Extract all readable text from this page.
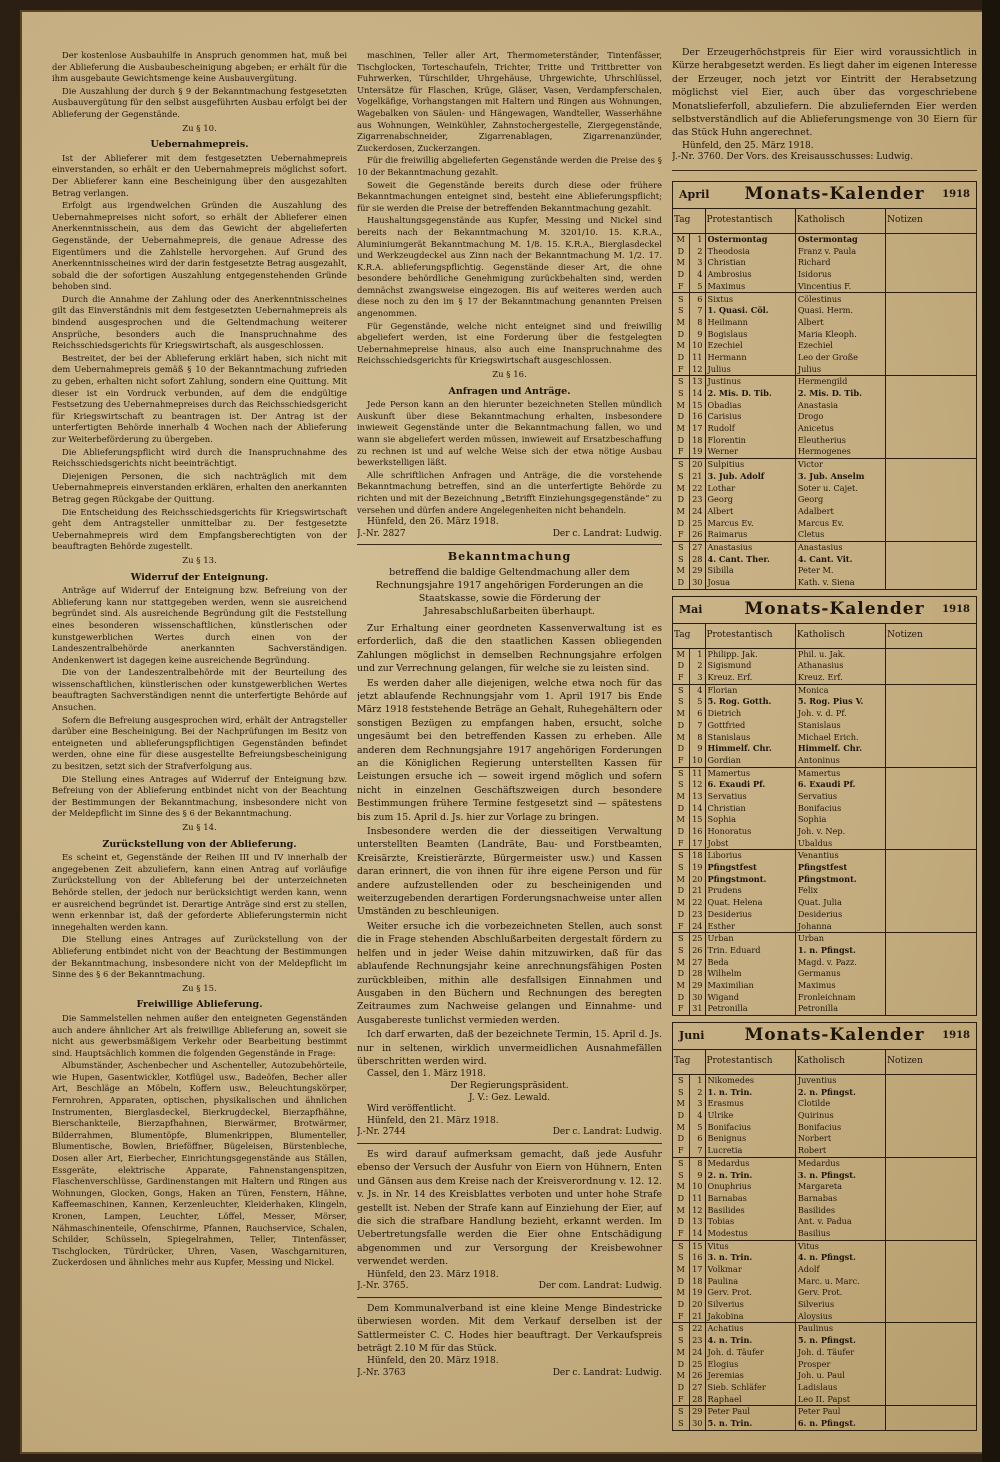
Der kostenlose Ausbauhilfe in Anspruch genommen hat, muß bei der Ablieferung die Ausbaubescheinigung abgeben; er erhält für die ihm ausgebaute Gewichtsmenge keine Ausbauvergütung.

Die Auszahlung der durch § 9 der Bekanntmachung festgesetzten Ausbauvergütung für den selbst ausgeführten Ausbau erfolgt bei der Ablieferung der Gegenstände.

Zu § 10.
Uebernahmepreis.

Ist der Ablieferer mit dem festgesetzten Uebernahmepreis einverstanden, so erhält er den Uebernahmepreis möglichst sofort. Der Ablieferer kann eine Bescheinigung über den ausgezahlten Betrag verlangen.

Erfolgt aus irgendwelchen Gründen die Auszahlung des Uebernahmepreises nicht sofort, so erhält der Ablieferer einen Anerkenntnisschein, aus dem das Gewicht der abgelieferten Gegenstände, der Uebernahmepreis, die genaue Adresse des Eigentümers und die Zahlstelle hervorgehen. Auf Grund des Anerkenntnisscheines wird der darin festgesetzte Betrag ausgezahlt, sobald die der sofortigen Auszahlung entgegenstehenden Gründe behoben sind.

Durch die Annahme der Zahlung oder des Anerkenntnisscheines gilt das Einverständnis mit dem festgesetzten Uebernahmepreis als bindend ausgesprochen und die Geltendmachung weiterer Ansprüche, besonders auch die Inanspruchnahme des Reichsschiedsgerichts für Kriegswirtschaft, als ausgeschlossen.

Bestreitet, der bei der Ablieferung erklärt haben, sich nicht mit dem Uebernahmepreis gemäß § 10 der Bekanntmachung zufrieden zu geben, erhalten nicht sofort Zahlung, sondern eine Quittung. Mit dieser ist ein Vordruck verbunden, auf dem die endgültige Festsetzung des Uebernahmepreises durch das Reichsschiedsgericht für Kriegswirtschaft zu beantragen ist. Der Antrag ist der unterfertigten Behörde innerhalb 4 Wochen nach der Ablieferung zur Weiterbeförderung zu übergeben.

Die Ablieferungspflicht wird durch die Inanspruchnahme des Reichsschiedsgerichts nicht beeinträchtigt.

Diejenigen Personen, die sich nachträglich mit dem Uebernahmepreis einverstanden erklären, erhalten den anerkannten Betrag gegen Rückgabe der Quittung.

Die Entscheidung des Reichsschiedsgerichts für Kriegswirtschaft geht dem Antragsteller unmittelbar zu. Der festgesetzte Uebernahmepreis wird dem Empfangsberechtigten von der beauftragten Behörde zugestellt.

Zu § 13.
Widerruf der Enteignung.

Anträge auf Widerruf der Enteignung bzw. Befreiung von der Ablieferung kann nur stattgegeben werden, wenn sie ausreichend begründet sind. Als ausreichende Begründung gilt die Feststellung eines besonderen wissenschaftlichen, künstlerischen oder kunstgewerblichen Wertes durch einen von der Landeszentralbehörde anerkannten Sachverständigen. Andenkenwert ist dagegen keine ausreichende Begründung.

Die von der Landeszentralbehörde mit der Beurteilung des wissenschaftlichen, künstlerischen oder kunstgewerblichen Wertes beauftragten Sachverständigen nennt die unterfertigte Behörde auf Ansuchen.

Sofern die Befreiung ausgesprochen wird, erhält der Antragsteller darüber eine Bescheinigung. Bei der Nachprüfungen im Besitz von enteigneten und ablieferungspflichtigen Gegenständen befindet werden, ohne eine für diese ausgestellte Befreiungsbescheinigung zu besitzen, setzt sich der Strafverfolgung aus.

Die Stellung eines Antrages auf Widerruf der Enteignung bzw. Befreiung von der Ablieferung entbindet nicht von der Beachtung der Bestimmungen der Bekanntmachung, insbesondere nicht von der Meldepflicht im Sinne des § 6 der Bekanntmachung.

Zu § 14.
Zurückstellung von der Ablieferung.

Es scheint et, Gegenstände der Reihen III und IV innerhalb der angegebenen Zeit abzuliefern, kann einen Antrag auf vorläufige Zurückstellung von der Ablieferung bei der unterzeichneten Behörde stellen, der jedoch nur berücksichtigt werden kann, wenn er ausreichend begründet ist. Derartige Anträge sind erst zu stellen, wenn erkennbar ist, daß der geforderte Ablieferungstermin nicht innegehalten werden kann.

Die Stellung eines Antrages auf Zurückstellung von der Ablieferung entbindet nicht von der Beachtung der Bestimmungen der Bekanntmachung, insbesondere nicht von der Meldepflicht im Sinne des § 6 der Bekanntmachung.

Zu § 15.
Freiwillige Ablieferung.

Die Sammelstellen nehmen außer den enteigneten Gegenständen auch andere ähnlicher Art als freiwillige Ablieferung an, soweit sie nicht aus gewerbsmäßigem Verkehr oder Bearbeitung bestimmt sind. Hauptsächlich kommen die folgenden Gegenstände in Frage:

Albumständer, Aschenbecher und Aschenteller, Autozubehörteile, wie Hupen, Gasentwickler, Kotflügel usw., Badeöfen, Becher aller Art, Beschläge an Möbeln, Koffern usw., Beleuchtungskörper, Fernrohren, Apparaten, optischen, physikalischen und ähnlichen Instrumenten, Bierglasdeckel, Bierkrugdeckel, Bierzapfhähne, Bierschankteile, Bierzapfhahnen, Bierwärmer, Brotwärmer, Bilderrahmen, Blumentöpfe, Blumenkrippen, Blumenteller, Blumentische, Bowlen, Brieföffner, Bügeleisen, Bürstenbleche, Dosen aller Art, Eierbecher, Einrichtungsgegenstände aus Ställen, Essgeräte, elektrische Apparate, Fahnenstangenspitzen, Flaschenverschlüsse, Gardinenstangen mit Haltern und Ringen aus Wohnungen, Glocken, Gongs, Haken an Türen, Fenstern, Hähne, Kaffeemaschinen, Kannen, Kerzenleuchter, Kleiderhaken, Klingeln, Kronen, Lampen, Leuchter, Löffel, Messer, Mörser, Nähmaschinenteile, Ofenschirme, Pfannen, Rauchservice, Schalen, Schilder, Schüsseln, Spiegelrahmen, Teller, Tintenfässer, Tischglocken, Türdrücker, Uhren, Vasen, Waschgarnituren, Zuckerdosen und ähnliches mehr aus Kupfer, Messing und Nickel.

maschinen, Teller aller Art, Thermometerständer, Tintenfässer, Tischglocken, Torteschaufeln, Trichter, Tritte und Trittbretter von Fuhrwerken, Türschilder, Uhrgehäuse, Uhrgewichte, Uhrschlüssel, Untersätze für Flaschen, Krüge, Gläser, Vasen, Verdampferschalen, Vogelkäfige, Vorhangstangen mit Haltern und Ringen aus Wohnungen, Wagebalken von Säulen- und Hängewagen, Wandteller, Wasserhähne aus Wohnungen, Weinkühler, Zahnstochergestelle, Ziergegenstände, Zigarrenabschneider, Zigarrenablagen, Zigarrenanzünder, Zuckerdosen, Zuckerzangen.

Für die freiwillig abgelieferten Gegenstände werden die Preise des § 10 der Bekanntmachung gezahlt.

Soweit die Gegenstände bereits durch diese oder frühere Bekanntmachungen enteignet sind, besteht eine Ablieferungspflicht; für sie werden die Preise der betreffenden Bekanntmachung gezahlt.

Haushaltungsgegenstände aus Kupfer, Messing und Nickel sind bereits nach der Bekanntmachung M. 3201/10. 15. K.R.A., Aluminiumgerät Bekanntmachung M. 1/8. 15. K.R.A., Bierglasdeckel und Werkzeugdeckel aus Zinn nach der Bekanntmachung M. 1/2. 17. K.R.A. ablieferungspflichtig. Gegenstände dieser Art, die ohne besondere behördliche Genehmigung zurückbehalten sind, werden demnächst zwangsweise eingezogen. Bis auf weiteres werden auch diese noch zu den im § 17 der Bekanntmachung genannten Preisen angenommen.

Für Gegenstände, welche nicht enteignet sind und freiwillig abgeliefert werden, ist eine Forderung über die festgelegten Uebernahmepreise hinaus, also auch eine Inanspruchnahme des Reichsschiedsgerichts für Kriegswirtschaft ausgeschlossen.

Zu § 16.
Anfragen und Anträge.

Jede Person kann an den hierunter bezeichneten Stellen mündlich Auskunft über diese Bekanntmachung erhalten, insbesondere inwieweit Gegenstände unter die Bekanntmachung fallen, wo und wann sie abgeliefert werden müssen, inwieweit auf Ersatzbeschaffung zu rechnen ist und auf welche Weise sich der etwa nötige Ausbau bewerkstelligen läßt.

Alle schriftlichen Anfragen und Anträge, die die vorstehende Bekanntmachung betreffen, sind an die unterfertigte Behörde zu richten und mit der Bezeichnung „Betrifft Einziehungsgegenstände“ zu versehen und dürfen andere Angelegenheiten nicht behandeln.

Hünfeld, den 26. März 1918.
J.-Nr. 2827	Der c. Landrat: Ludwig.
Bekanntmachung
betreffend die baldige Geltendmachung aller dem Rechnungsjahre 1917 angehörigen Forderungen an die Staatskasse, sowie die Förderung der Jahresabschlußarbeiten überhaupt.

Zur Erhaltung einer geordneten Kassenverwaltung ist es erforderlich, daß die den staatlichen Kassen obliegenden Zahlungen möglichst in demselben Rechnungsjahre erfolgen und zur Verrechnung gelangen, für welche sie zu leisten sind.

Es werden daher alle diejenigen, welche etwa noch für das jetzt ablaufende Rechnungsjahr vom 1. April 1917 bis Ende März 1918 feststehende Beträge an Gehalt, Ruhegehältern oder sonstigen Bezügen zu empfangen haben, ersucht, solche ungesäumt bei den betreffenden Kassen zu erheben. Alle anderen dem Rechnungsjahre 1917 angehörigen Forderungen an die Königlichen Regierung unterstellten Kassen für Leistungen ersuche ich — soweit irgend möglich und sofern nicht in einzelnen Geschäftszweigen durch besondere Bestimmungen frühere Termine festgesetzt sind — spätestens bis zum 15. April d. Js. hier zur Vorlage zu bringen.

Insbesondere werden die der diesseitigen Verwaltung unterstellten Beamten (Landräte, Bau- und Forstbeamten, Kreisärzte, Kreistierärzte, Bürgermeister usw.) und Kassen daran erinnert, die von ihnen für ihre eigene Person und für andere aufzustellenden oder zu bescheinigenden und weiterzugebenden derartigen Forderungsnachweise unter allen Umständen zu beschleunigen.

Weiter ersuche ich die vorbezeichneten Stellen, auch sonst die in Frage stehenden Abschlußarbeiten dergestalt fördern zu helfen und in jeder Weise dahin mitzuwirken, daß für das ablaufende Rechnungsjahr keine anrechnungsfähigen Posten zurückbleiben, mithin alle desfallsigen Einnahmen und Ausgaben in den Büchern und Rechnungen des beregten Zeitraumes zum Nachweise gelangen und Einnahme- und Ausgabereste tunlichst vermieden werden.

Ich darf erwarten, daß der bezeichnete Termin, 15. April d. Js. nur in seltenen, wirklich unvermeidlichen Ausnahmefällen überschritten werden wird.

Cassel, den 1. März 1918.
Der Regierungspräsident.
J. V.: Gez. Lewald.
Wird veröffentlicht.
Hünfeld, den 21. März 1918.
J.-Nr. 2744	Der c. Landrat: Ludwig.

Es wird darauf aufmerksam gemacht, daß jede Ausfuhr ebenso der Versuch der Ausfuhr von Eiern von Hühnern, Enten und Gänsen aus dem Kreise nach der Kreisverordnung v. 12. 12. v. Js. in Nr. 14 des Kreisblattes verboten und unter hohe Strafe gestellt ist. Neben der Strafe kann auf Einziehung der Eier, auf die sich die strafbare Handlung bezieht, erkannt werden. Im Uebertretungsfalle werden die Eier ohne Entschädigung abgenommen und zur Versorgung der Kreisbewohner verwendet werden.

Hünfeld, den 23. März 1918.
J.-Nr. 3765.	Der com. Landrat: Ludwig.

Dem Kommunalverband ist eine kleine Menge Bindestricke überwiesen worden. Mit dem Verkauf derselben ist der Sattlermeister C. C. Hodes hier beauftragt. Der Verkaufspreis beträgt 2.10 M für das Stück.

Hünfeld, den 20. März 1918.
J.-Nr. 3763	Der c. Landrat: Ludwig.

Der Erzeugerhöchstpreis für Eier wird voraussichtlich in Kürze herabgesetzt werden. Es liegt daher im eigenen Interesse der Erzeuger, noch jetzt vor Eintritt der Herabsetzung möglichst viel Eier, auch über das vorgeschriebene Monatslieferfoll, abzuliefern. Die abzuliefernden Eier werden selbstverständlich auf die Ablieferungsmenge von 30 Eiern für das Stück Huhn angerechnet.

Hünfeld, den 25. März 1918.
J.-Nr. 3760. Der Vors. des Kreisausschusses: Ludwig.
April	Monats-Kalender	1918
Tag		Protestantisch	Katholisch	Notizen
M	1	Ostermontag	Ostermontag	
D	2	Theodosia	Franz v. Paula	
M	3	Christian	Richard	
D	4	Ambrosius	Isidorus	
F	5	Maximus	Vincentius F.	
S	6	Sixtus	Cölestinus	
S	7	1. Quasi. Cöl.	Quasi. Herm.	
M	8	Heilmann	Albert	
D	9	Bogislaus	Maria Kleoph.	
M	10	Ezechiel	Ezechiel	
D	11	Hermann	Leo der Große	
F	12	Julius	Julius	
S	13	Justinus	Hermengild	
S	14	2. Mis. D. Tib.	2. Mis. D. Tib.	
M	15	Obadias	Anastasia	
D	16	Carisius	Drogo	
M	17	Rudolf	Anicetus	
D	18	Florentin	Eleutherius	
F	19	Werner	Hermogenes	
S	20	Sulpitius	Victor	
S	21	3. Jub. Adolf	3. Jub. Anselm	
M	22	Lothar	Soter u. Cajet.	
D	23	Georg	Georg	
M	24	Albert	Adalbert	
D	25	Marcus Ev.	Marcus Ev.	
F	26	Raimarus	Cletus	
S	27	Anastasius	Anastasius	
S	28	4. Cant. Ther.	4. Cant. Vit.	
M	29	Sibilla	Peter M.	
D	30	Josua	Kath. v. Siena	
Mai	Monats-Kalender	1918
Tag		Protestantisch	Katholisch	Notizen
M	1	Philipp. Jak.	Phil. u. Jak.	
D	2	Sigismund	Athanasius	
F	3	Kreuz. Erf.	Kreuz. Erf.	
S	4	Florian	Monica	
S	5	5. Rog. Gotth.	5. Rog. Pius V.	
M	6	Dietrich	Joh. v. d. Pf.	
D	7	Gottfried	Stanislaus	
M	8	Stanislaus	Michael Erich.	
D	9	Himmelf. Chr.	Himmelf. Chr.	
F	10	Gordian	Antoninus	
S	11	Mamertus	Mamertus	
S	12	6. Exaudi Pf.	6. Exaudi Pf.	
M	13	Servatius	Servatius	
D	14	Christian	Bonifacius	
M	15	Sophia	Sophia	
D	16	Honoratus	Joh. v. Nep.	
F	17	Jobst	Ubaldus	
S	18	Liborius	Venantius	
S	19	Pfingstfest	Pfingstfest	
M	20	Pfingstmont.	Pfingstmont.	
D	21	Prudens	Felix	
M	22	Quat. Helena	Quat. Julia	
D	23	Desiderius	Desiderius	
F	24	Esther	Johanna	
S	25	Urban	Urban	
S	26	Trin. Eduard	1. n. Pfingst.	
M	27	Beda	Magd. v. Pazz.	
D	28	Wilhelm	Germanus	
M	29	Maximilian	Maximus	
D	30	Wigand	Fronleichnam	
F	31	Petronilla	Petronilla	
Juni	Monats-Kalender	1918
Tag		Protestantisch	Katholisch	Notizen
S	1	Nikomedes	Juventius	
S	2	1. n. Trin.	2. n. Pfingst.	
M	3	Erasmus	Clotilde	
D	4	Ulrike	Quirinus	
M	5	Bonifacius	Bonifacius	
D	6	Benignus	Norbert	
F	7	Lucretia	Robert	
S	8	Medardus	Medardus	
S	9	2. n. Trin.	3. n. Pfingst.	
M	10	Onuphrius	Margareta	
D	11	Barnabas	Barnabas	
M	12	Basilides	Basilides	
D	13	Tobias	Ant. v. Padua	
F	14	Modestus	Basilius	
S	15	Vitus	Vitus	
S	16	3. n. Trin.	4. n. Pfingst.	
M	17	Volkmar	Adolf	
D	18	Paulina	Marc. u. Marc.	
M	19	Gerv. Prot.	Gerv. Prot.	
D	20	Silverius	Silverius	
F	21	Jakobina	Aloysius	
S	22	Achatius	Paulinus	
S	23	4. n. Trin.	5. n. Pfingst.	
M	24	Joh. d. Täufer	Joh. d. Täufer	
D	25	Elogius	Prosper	
M	26	Jeremias	Joh. u. Paul	
D	27	Sieb. Schläfer	Ladislaus	
F	28	Raphael	Leo II. Papst	
S	29	Peter Paul	Peter Paul	
S	30	5. n. Trin.	6. n. Pfingst.	
